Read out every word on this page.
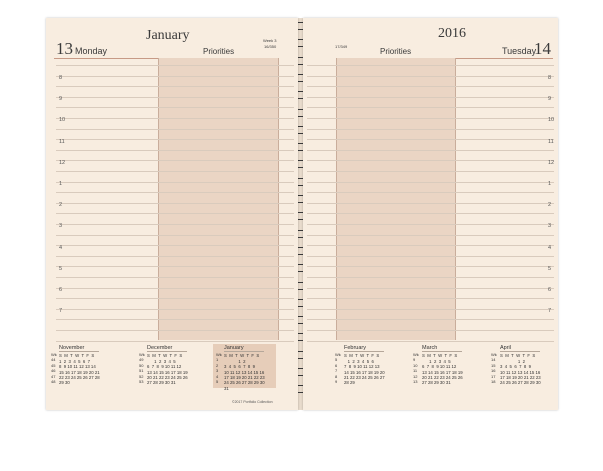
13 Monday
January
Priorities
Week 3
16/350
8
9
10
11
12
1
2
3
4
5
6
7
Wk
44
45
46
47
48
November
S  M  T  W  T  F  S
1  2  3  4  5  6  7
8  9 10 11 12 13 14
15 16 17 18 19 20 21
22 23 24 25 26 27 28
29 30
Wk
49
50
51
52
53
December
S  M  T  W  T  F  S
1  2  3  4  5
6  7  8  9 10 11 12
13 14 15 16 17 18 19
20 21 22 23 24 25 26
27 28 29 30 31
Wk
1
2
3
4
5
January
S  M  T  W  T  F  S
1  2
3  4  5  6  7  8  9
10 11 12 13 14 15 16
17 18 19 20 21 22 23
24 25 26 27 28 29 30
31
©2017 Portfolio Collection
2016
17/349
Priorities	Tuesday
14
8
9
10
11
12
1
2
3
4
5
6
7
Wk
5
6
7
8
9
February
S  M  T  W  T  F  S
1  2  3  4  5  6
7  8  9 10 11 12 13
14 15 16 17 18 19 20
21 22 23 24 25 26 27
28 29
Wk
9
10
11
12
13
March
S  M  T  W  T  F  S
1  2  3  4  5
6  7  8  9 10 11 12
13 14 15 16 17 18 19
20 21 22 23 24 25 26
27 28 29 30 31
Wk
14
15
16
17
18
April
S  M  T  W  T  F  S
1  2
3  4  5  6  7  8  9
10 11 12 13 14 15 16
17 18 19 20 21 22 23
24 25 26 27 28 29 30
